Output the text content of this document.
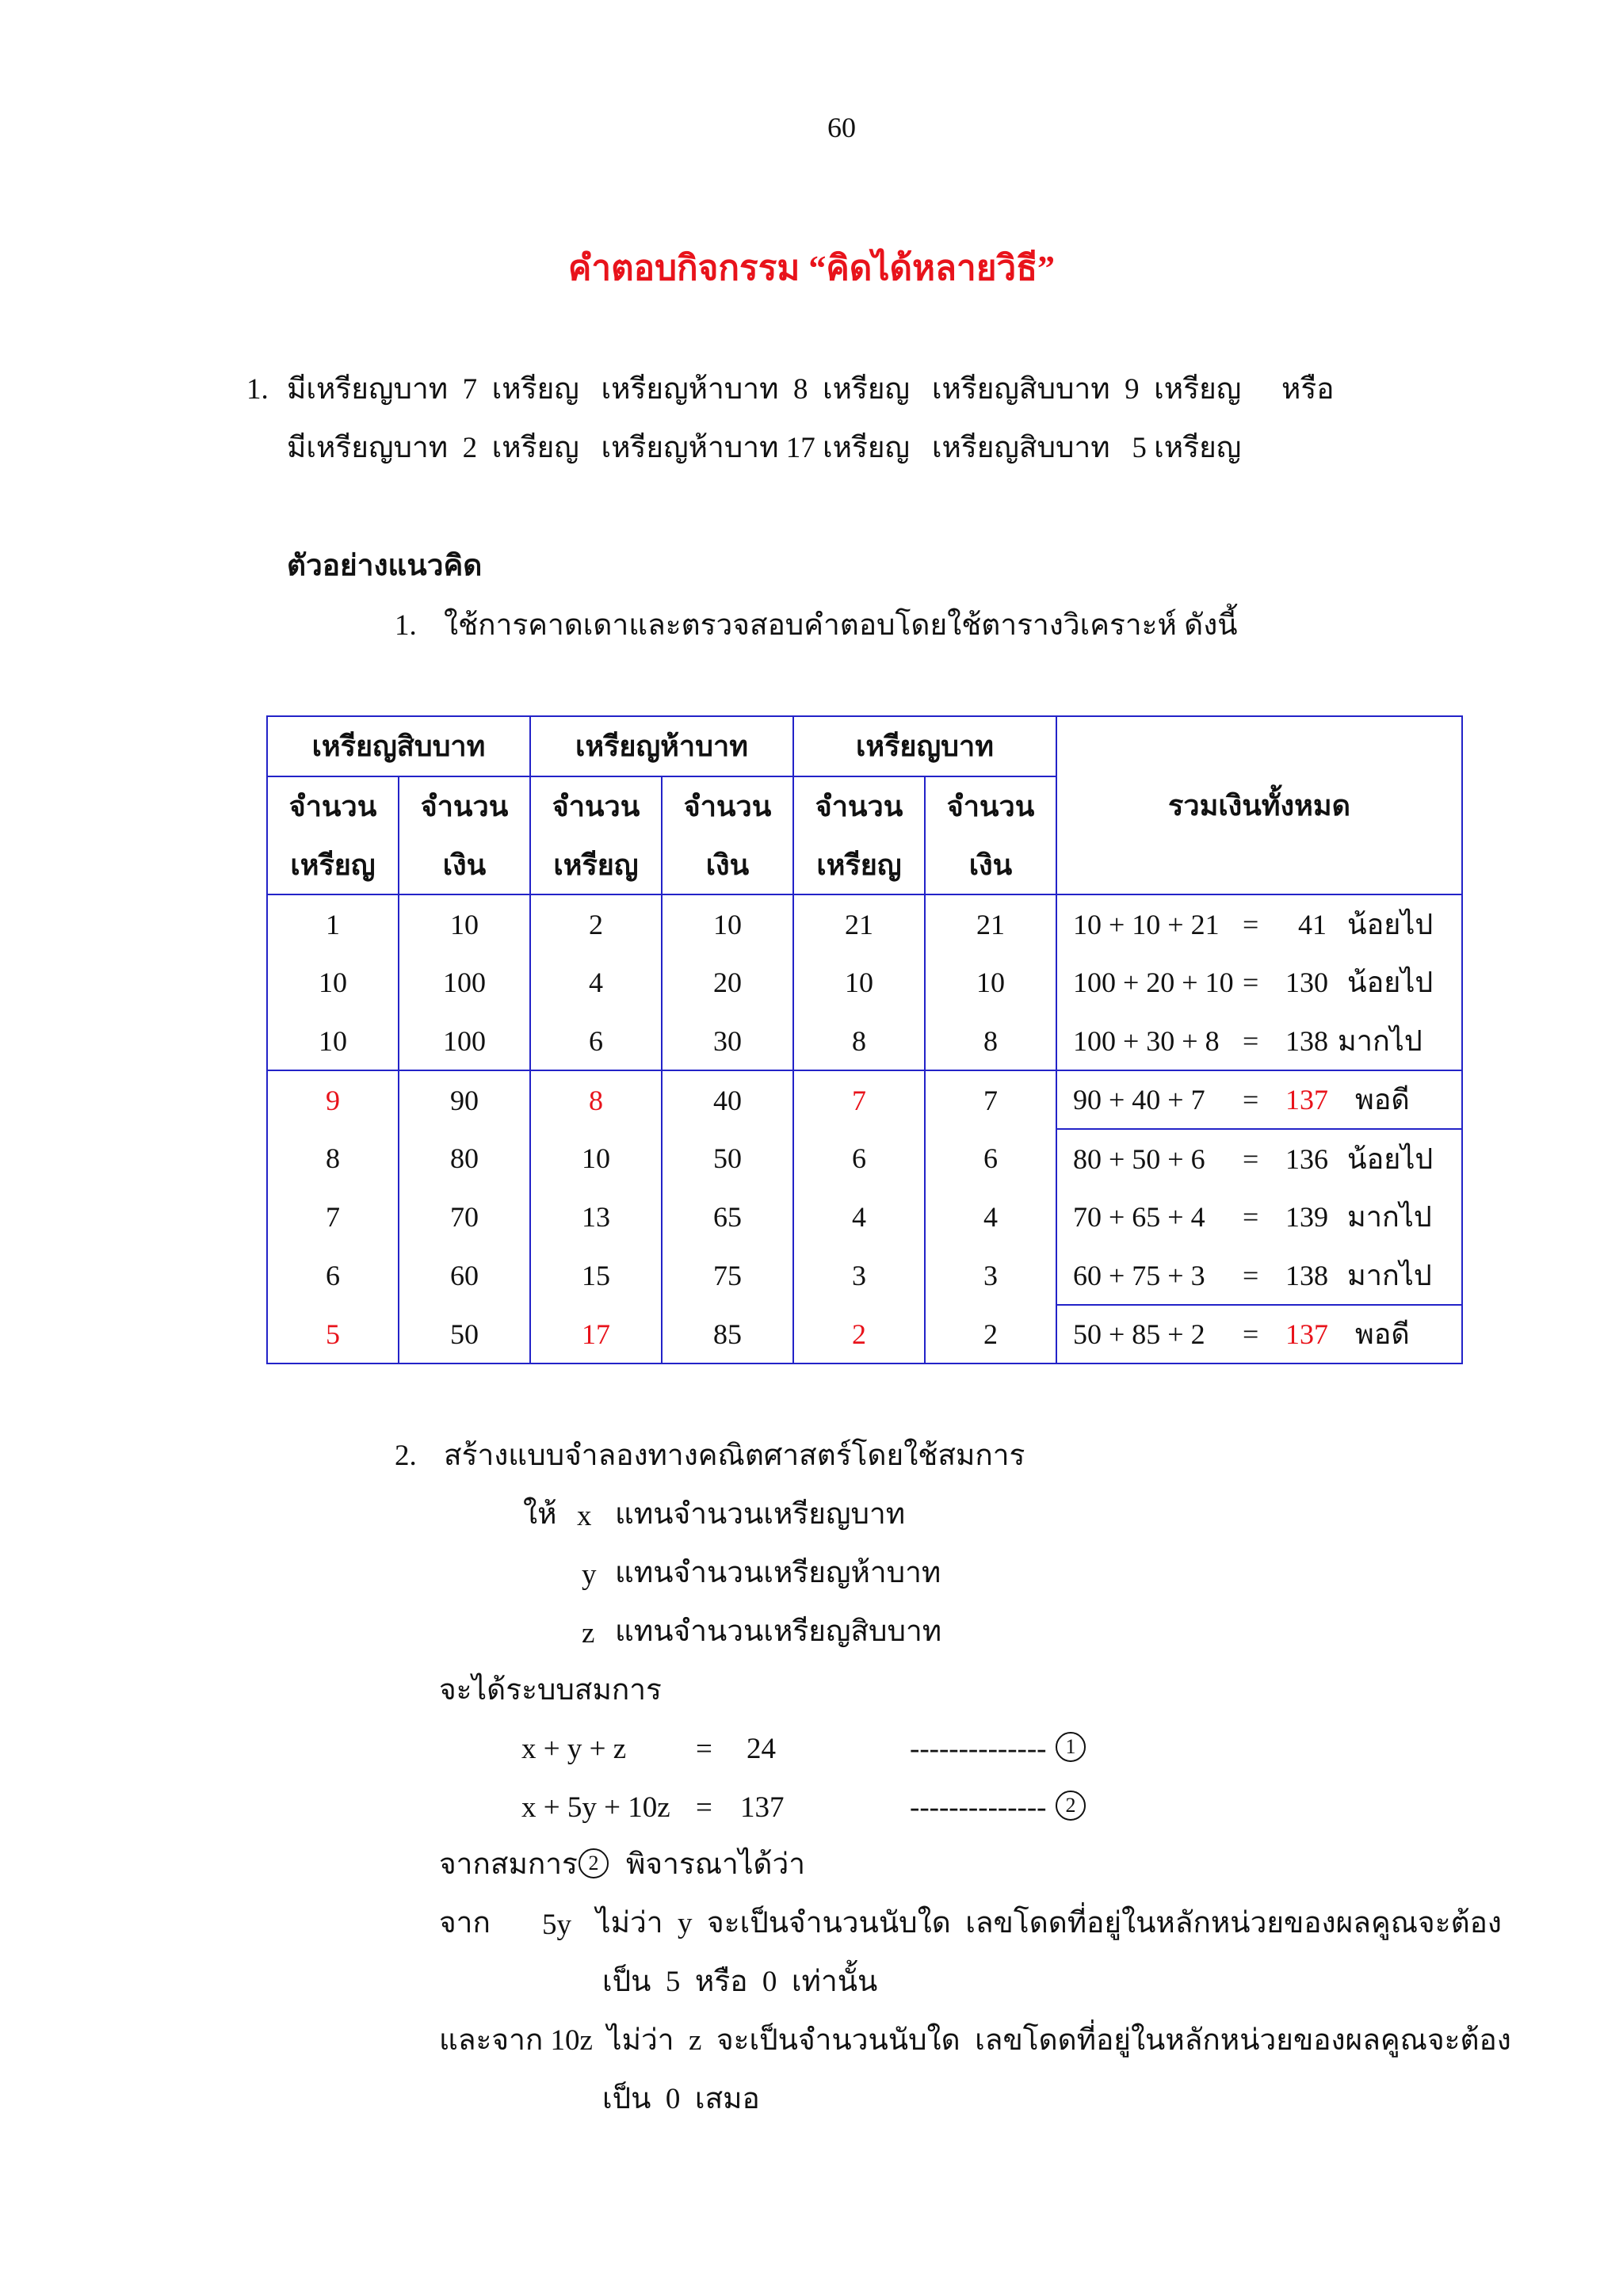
60
คำตอบกิจกรรม “คิดได้หลายวิธี”
1. มีเหรียญบาท  7  เหรียญ   เหรียญห้าบาท  8  เหรียญ   เหรียญสิบบาท  9  เหรียญ หรือ
มีเหรียญบาท  2  เหรียญ   เหรียญห้าบาท 17 เหรียญ   เหรียญสิบบาท   5 เหรียญ
ตัวอย่างแนวคิด
1. ใช้การคาดเดาและตรวจสอบคำตอบโดยใช้ตารางวิเคราะห์ ดังนี้
เหรียญสิบบาท		เหรียญห้าบาท		เหรียญบาท		รวมเงินทั้งหมด
จำนวน	จำนวน	จำนวน	จำนวน	จำนวน	จำนวน	
เหรียญ	เงิน	เหรียญ	เงิน	เหรียญ	เงิน	
1	10	2	10	21	21	10 + 10 + 21 = 41 น้อยไป

10	100	4	20	10	10	100 + 20 + 10 = 130 น้อยไป

10	100	6	30	8	8	100 + 30 + 8 = 138 มากไป

9	90	8	40	7	7	90 + 40 + 7 = 137 พอดี

8	80	10	50	6	6	80 + 50 + 6 = 136 น้อยไป

7	70	13	65	4	4	70 + 65 + 4 = 139 มากไป

6	60	15	75	3	3	60 + 75 + 3 = 138 มากไป

5	50	17	85	2	2	50 + 85 + 2 = 137 พอดี
2. สร้างแบบจำลองทางคณิตศาสตร์โดยใช้สมการ
ให้ x แทนจำนวนเหรียญบาท
y แทนจำนวนเหรียญห้าบาท
z แทนจำนวนเหรียญสิบบาท
จะได้ระบบสมการ
x + y + z = 24	-------------- 1
x + 5y + 10z = 137	-------------- 2
จากสมการ 2 พิจารณาได้ว่า
จาก 5y ไม่ว่า  y  จะเป็นจำนวนนับใด  เลขโดดที่อยู่ในหลักหน่วยของผลคูณจะต้อง
เป็น  5  หรือ  0  เท่านั้น
และจาก 10z ไม่ว่า  z  จะเป็นจำนวนนับใด  เลขโดดที่อยู่ในหลักหน่วยของผลคูณจะต้อง
เป็น  0  เสมอ
